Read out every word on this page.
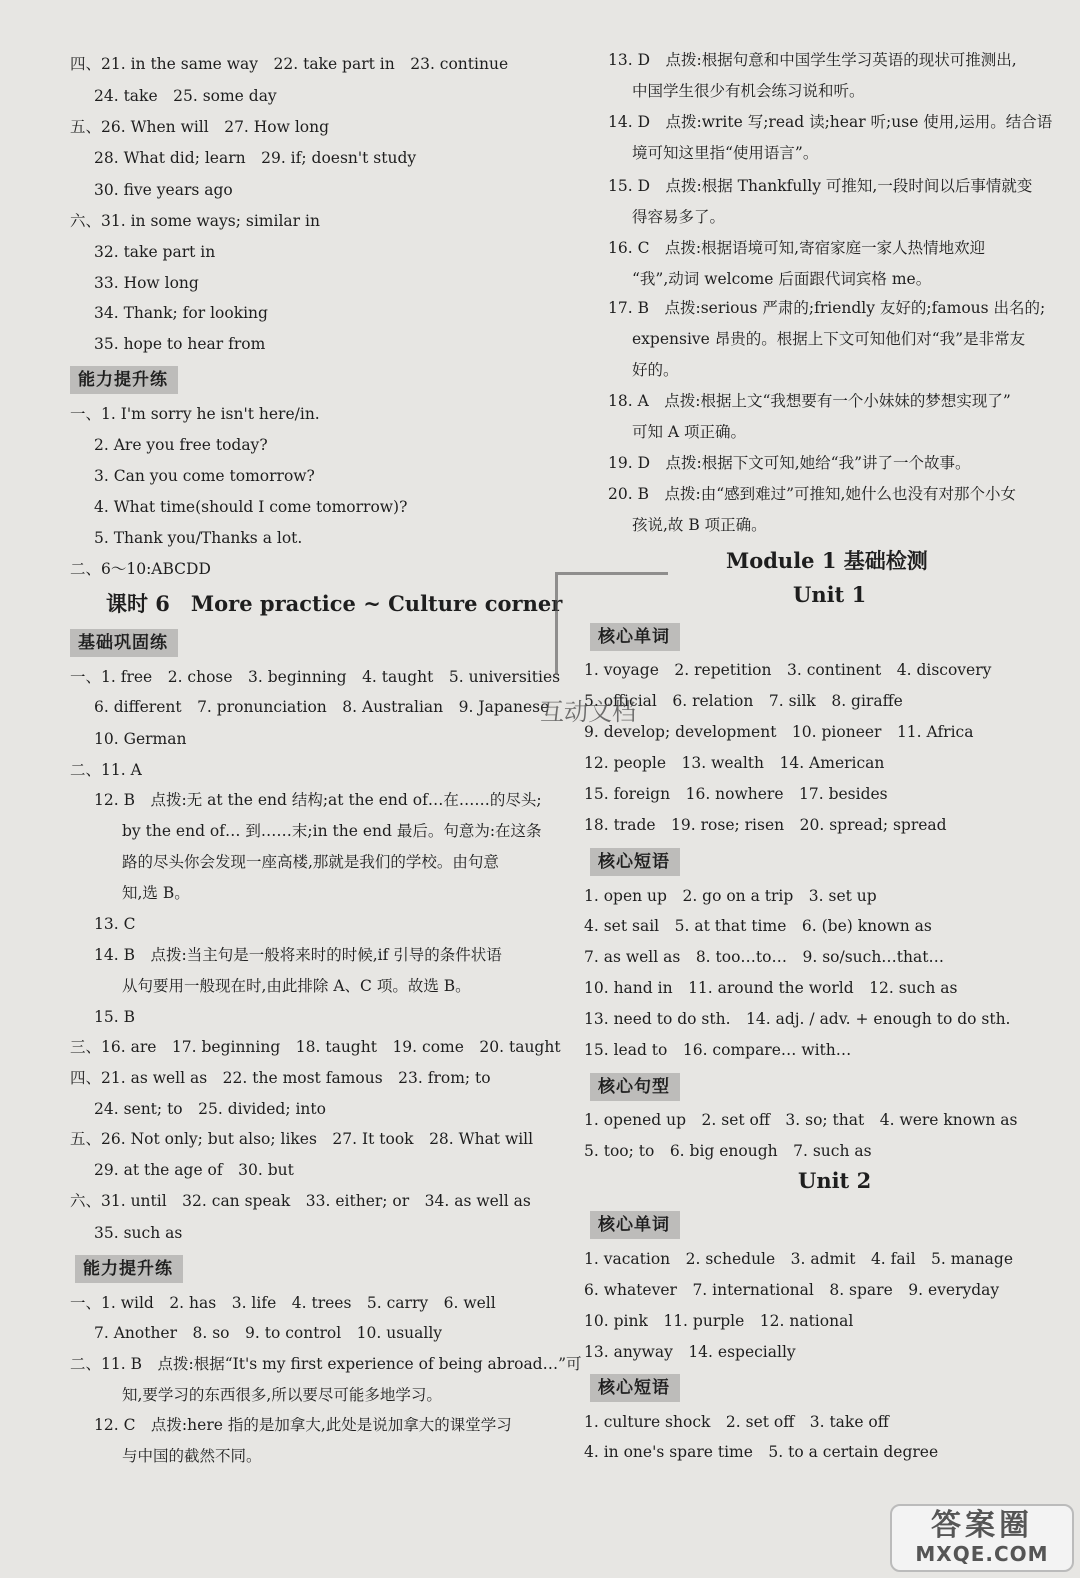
四、21. in the same way　22. take part in　23. continue
24. take　25. some day
五、26. When will　27. How long
28. What did; learn　29. if; doesn't study
30. five years ago
六、31. in some ways; similar in
32. take part in
33. How long
34. Thank; for looking
35. hope to hear from
一、1. I'm sorry he isn't here/in.
2. Are you free today?
3. Can you come tomorrow?
4. What time(should I come tomorrow)?
5. Thank you/Thanks a lot.
二、6～10:ABCDD
一、1. free　2. chose　3. beginning　4. taught　5. universities
6. different　7. pronunciation　8. Australian　9. Japanese
10. German
二、11. A
12. B　点拨:无 at the end 结构;at the end of…在……的尽头;
by the end of… 到……末;in the end 最后。句意为:在这条
路的尽头你会发现一座高楼,那就是我们的学校。由句意
知,选 B。
13. C
14. B　点拨:当主句是一般将来时的时候,if 引导的条件状语
从句要用一般现在时,由此排除 A、C 项。故选 B。
15. B
三、16. are　17. beginning　18. taught　19. come　20. taught
四、21. as well as　22. the most famous　23. from; to
24. sent; to　25. divided; into
五、26. Not only; but also; likes　27. It took　28. What will
29. at the age of　30. but
六、31. until　32. can speak　33. either; or　34. as well as
35. such as
一、1. wild　2. has　3. life　4. trees　5. carry　6. well
7. Another　8. so　9. to control　10. usually
二、11. B　点拨:根据“It's my first experience of being abroad…”可
知,要学习的东西很多,所以要尽可能多地学习。
12. C　点拨:here 指的是加拿大,此处是说加拿大的课堂学习
与中国的截然不同。
能力提升练
基础巩固练
能力提升练
课时 6　More practice ~ Culture corner
13. D　点拨:根据句意和中国学生学习英语的现状可推测出,
中国学生很少有机会练习说和听。
14. D　点拨:write 写;read 读;hear 听;use 使用,运用。结合语
境可知这里指“使用语言”。
15. D　点拨:根据 Thankfully 可推知,一段时间以后事情就变
得容易多了。
16. C　点拨:根据语境可知,寄宿家庭一家人热情地欢迎
“我”,动词 welcome 后面跟代词宾格 me。
17. B　点拨:serious 严肃的;friendly 友好的;famous 出名的;
expensive 昂贵的。根据上下文可知他们对“我”是非常友
好的。
18. A　点拨:根据上文“我想要有一个小妹妹的梦想实现了”
可知 A 项正确。
19. D　点拨:根据下文可知,她给“我”讲了一个故事。
20. B　点拨:由“感到难过”可推知,她什么也没有对那个小女
孩说,故 B 项正确。
1. voyage　2. repetition　3. continent　4. discovery
5. official　6. relation　7. silk　8. giraffe
9. develop; development　10. pioneer　11. Africa
12. people　13. wealth　14. American
15. foreign　16. nowhere　17. besides
18. trade　19. rose; risen　20. spread; spread
1. open up　2. go on a trip　3. set up
4. set sail　5. at that time　6. (be) known as
7. as well as　8. too…to…　9. so/such…that…
10. hand in　11. around the world　12. such as
13. need to do sth.　14. adj. / adv. + enough to do sth.
15. lead to　16. compare… with…
1. opened up　2. set off　3. so; that　4. were known as
5. too; to　6. big enough　7. such as
1. vacation　2. schedule　3. admit　4. fail　5. manage
6. whatever　7. international　8. spare　9. everyday
10. pink　11. purple　12. national
13. anyway　14. especially
1. culture shock　2. set off　3. take off
4. in one's spare time　5. to a certain degree
核心单词
核心短语
核心句型
核心单词
核心短语
Module 1 基础检测
Unit 1
Unit 2
互动文档
答案圈
MXQE.COM
